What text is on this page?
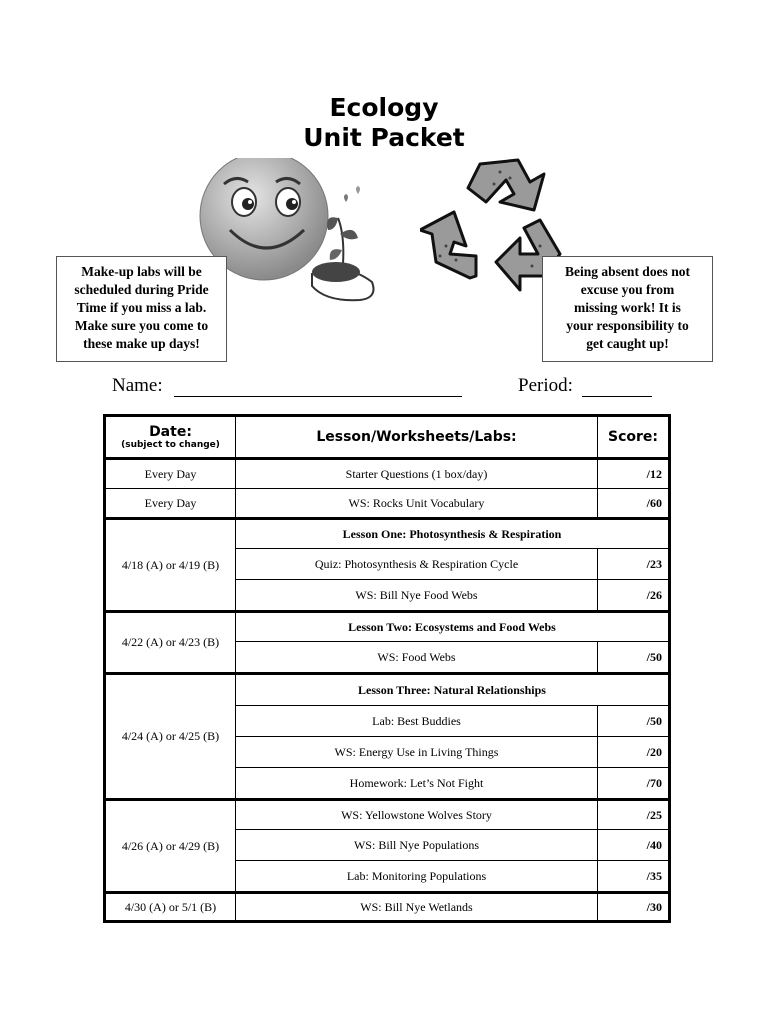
Ecology
Unit Packet
Make-up labs will be
scheduled during Pride
Time if you miss a lab.
Make sure you come to
these make up days!
Being absent does not
excuse you from
missing work! It is
your responsibility to
get caught up!
Name:	Period:
Date:
(subject to change)	Lesson/Worksheets/Labs:	Score:
Every Day	Starter Questions (1 box/day)	/12
Every Day	WS: Rocks Unit Vocabulary	/60
4/18 (A) or 4/19 (B)	Lesson One: Photosynthesis & Respiration	
	Quiz: Photosynthesis & Respiration Cycle	/23
	WS: Bill Nye Food Webs	/26
4/22 (A) or 4/23 (B)	Lesson Two: Ecosystems and Food Webs	
	WS: Food Webs	/50
4/24 (A) or 4/25 (B)	Lesson Three: Natural Relationships	
	Lab: Best Buddies	/50
	WS: Energy Use in Living Things	/20
	Homework: Let’s Not Fight	/70
4/26 (A) or 4/29 (B)	WS: Yellowstone Wolves Story	/25
	WS: Bill Nye Populations	/40
	Lab: Monitoring Populations	/35
4/30 (A) or 5/1 (B)	WS: Bill Nye Wetlands	/30
